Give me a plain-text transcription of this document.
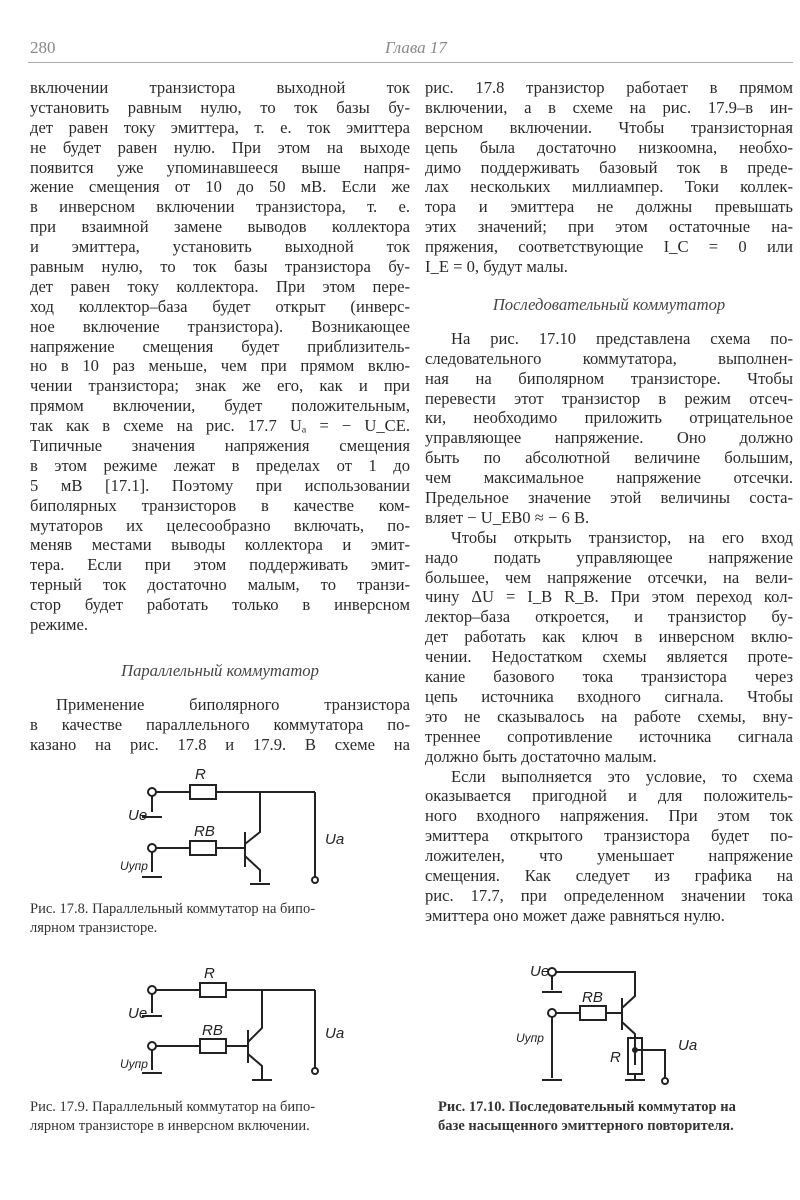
280	Глава 17
включении транзистора выходной ток
установить равным нулю, то ток базы бу-
дет равен току эмиттера, т. е. ток эмиттера
не будет равен нулю. При этом на выходе
появится уже упоминавшееся выше напря-
жение смещения от 10 до 50 мВ. Если же
в инверсном включении транзистора, т. е.
при взаимной замене выводов коллектора
и эмиттера, установить выходной ток
равным нулю, то ток базы транзистора бу-
дет равен току коллектора. При этом пере-
ход коллектор–база будет открыт (инверс-
ное включение транзистора). Возникающее
напряжение смещения будет приблизитель-
но в 10 раз меньше, чем при прямом вклю-
чении транзистора; знак же его, как и при
прямом включении, будет положительным,
так как в схеме на рис. 17.7 Uₐ = − U_CE.
Типичные значения напряжения смещения
в этом режиме лежат в пределах от 1 до
5 мВ [17.1]. Поэтому при использовании
биполярных транзисторов в качестве ком-
мутаторов их целесообразно включать, по-
меняв местами выводы коллектора и эмит-
тера. Если при этом поддерживать эмит-
терный ток достаточно малым, то транзи-
стор будет работать только в инверсном
режиме.
Параллельный коммутатор
Применение биполярного транзистора
в качестве параллельного коммутатора по-
казано на рис. 17.8 и 17.9. В схеме на
рис. 17.8 транзистор работает в прямом
включении, а в схеме на рис. 17.9–в ин-
версном включении. Чтобы транзисторная
цепь была достаточно низкоомна, необхо-
димо поддерживать базовый ток в преде-
лах нескольких миллиампер. Токи коллек-
тора и эмиттера не должны превышать
этих значений; при этом остаточные на-
пряжения, соответствующие I_C = 0 или
I_E = 0, будут малы.
Последовательный коммутатор
На рис. 17.10 представлена схема по-
следовательного коммутатора, выполнен-
ная на биполярном транзисторе. Чтобы
перевести этот транзистор в режим отсеч-
ки, необходимо приложить отрицательное
управляющее напряжение. Оно должно
быть по абсолютной величине большим,
чем максимальное напряжение отсечки.
Предельное значение этой величины соста-
вляет − U_EB0 ≈ − 6 В.
Чтобы открыть транзистор, на его вход
надо подать управляющее напряжение
большее, чем напряжение отсечки, на вели-
чину ΔU = I_B R_B. При этом переход кол-
лектор–база откроется, и транзистор бу-
дет работать как ключ в инверсном вклю-
чении. Недостатком схемы является проте-
кание базового тока транзистора через
цепь источника входного сигнала. Чтобы
это не сказывалось на работе схемы, вну-
треннее сопротивление источника сигнала
должно быть достаточно малым.
Если выполняется это условие, то схема
оказывается пригодной и для положитель-
ного входного напряжения. При этом ток
эмиттера открытого транзистора будет по-
ложителен, что уменьшает напряжение
смещения. Как следует из графика на
рис. 17.7, при определенном значении тока
эмиттера оно может даже равняться нулю.
R
RB
Ue
Uупр
Ua
Рис. 17.8. Параллельный коммутатор на бипо-
лярном транзисторе.
R
RB
Ue
Uупр
Ua
Рис. 17.9. Параллельный коммутатор на бипо-
лярном транзисторе в инверсном включении.
Ue
RB
Uупр
R
Ua
Рис. 17.10. Последовательный коммутатор на
базе насыщенного эмиттерного повторителя.
